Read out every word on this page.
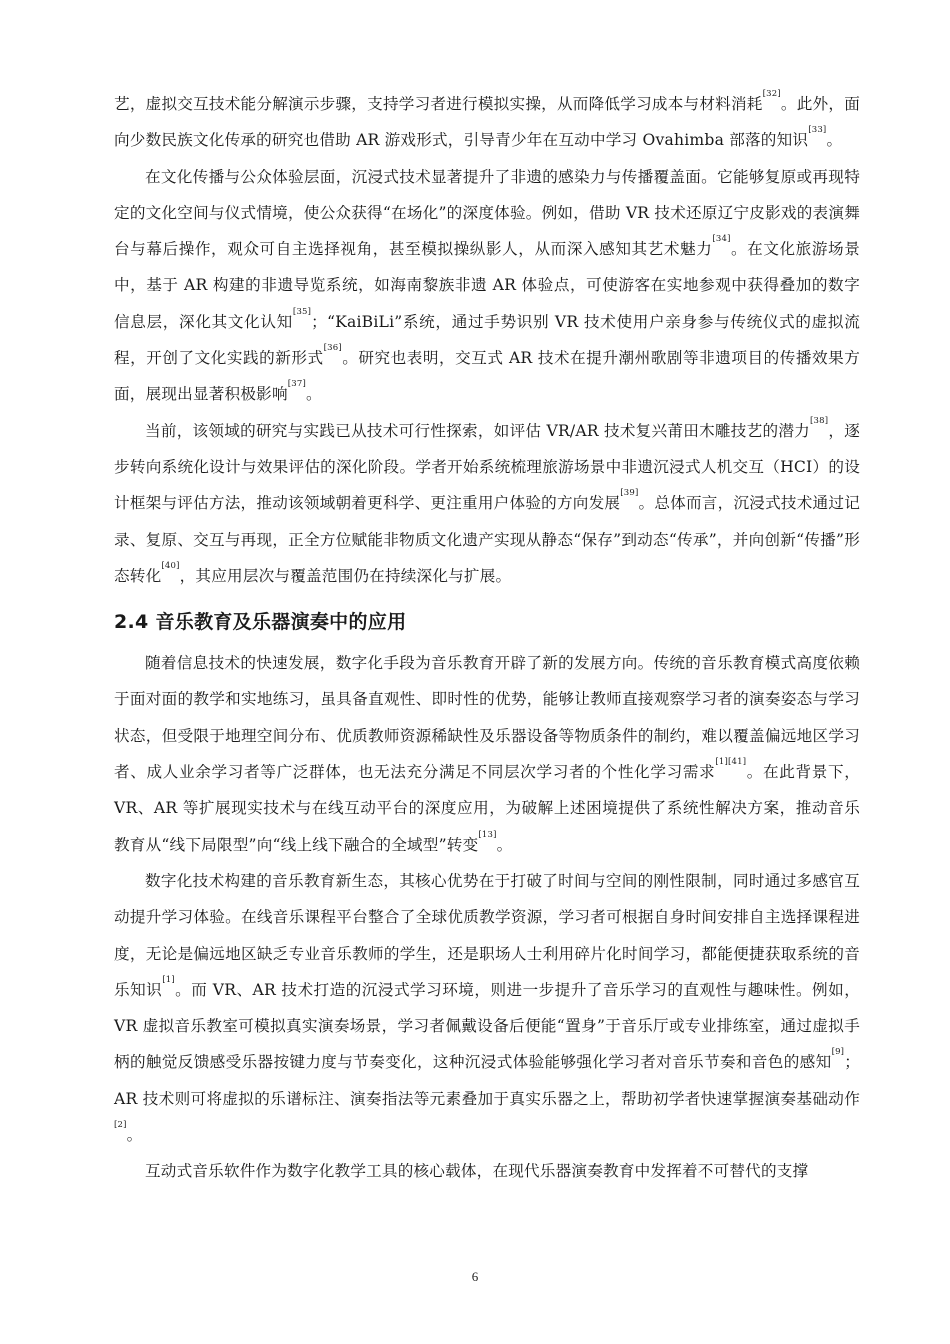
艺，虚拟交互技术能分解演示步骤，支持学习者进行模拟实操，从而降低学习成本与材料消耗[32]。此外，面向少数民族文化传承的研究也借助 AR 游戏形式，引导青少年在互动中学习 Ovahimba 部落的知识[33]。

在文化传播与公众体验层面，沉浸式技术显著提升了非遗的感染力与传播覆盖面。它能够复原或再现特定的文化空间与仪式情境，使公众获得“在场化”的深度体验。例如，借助 VR 技术还原辽宁皮影戏的表演舞台与幕后操作，观众可自主选择视角，甚至模拟操纵影人，从而深入感知其艺术魅力[34]。在文化旅游场景中，基于 AR 构建的非遗导览系统，如海南黎族非遗 AR 体验点，可使游客在实地参观中获得叠加的数字信息层，深化其文化认知[35]；“KaiBiLi”系统，通过手势识别 VR 技术使用户亲身参与传统仪式的虚拟流程，开创了文化实践的新形式[36]。研究也表明，交互式 AR 技术在提升潮州歌剧等非遗项目的传播效果方面，展现出显著积极影响[37]。

当前，该领域的研究与实践已从技术可行性探索，如评估 VR/AR 技术复兴莆田木雕技艺的潜力[38]，逐步转向系统化设计与效果评估的深化阶段。学者开始系统梳理旅游场景中非遗沉浸式人机交互（HCI）的设计框架与评估方法，推动该领域朝着更科学、更注重用户体验的方向发展[39]。总体而言，沉浸式技术通过记录、复原、交互与再现，正全方位赋能非物质文化遗产实现从静态“保存”到动态“传承”，并向创新“传播”形态转化[40]，其应用层次与覆盖范围仍在持续深化与扩展。

2.4 音乐教育及乐器演奏中的应用

随着信息技术的快速发展，数字化手段为音乐教育开辟了新的发展方向。传统的音乐教育模式高度依赖于面对面的教学和实地练习，虽具备直观性、即时性的优势，能够让教师直接观察学习者的演奏姿态与学习状态，但受限于地理空间分布、优质教师资源稀缺性及乐器设备等物质条件的制约，难以覆盖偏远地区学习者、成人业余学习者等广泛群体，也无法充分满足不同层次学习者的个性化学习需求[1][41]。在此背景下，VR、AR 等扩展现实技术与在线互动平台的深度应用，为破解上述困境提供了系统性解决方案，推动音乐教育从“线下局限型”向“线上线下融合的全域型”转变[13]。

数字化技术构建的音乐教育新生态，其核心优势在于打破了时间与空间的刚性限制，同时通过多感官互动提升学习体验。在线音乐课程平台整合了全球优质教学资源，学习者可根据自身时间安排自主选择课程进度，无论是偏远地区缺乏专业音乐教师的学生，还是职场人士利用碎片化时间学习，都能便捷获取系统的音乐知识[1]。而 VR、AR 技术打造的沉浸式学习环境，则进一步提升了音乐学习的直观性与趣味性。例如，VR 虚拟音乐教室可模拟真实演奏场景，学习者佩戴设备后便能“置身”于音乐厅或专业排练室，通过虚拟手柄的触觉反馈感受乐器按键力度与节奏变化，这种沉浸式体验能够强化学习者对音乐节奏和音色的感知[9]；AR 技术则可将虚拟的乐谱标注、演奏指法等元素叠加于真实乐器之上，帮助初学者快速掌握演奏基础动作[2]。

互动式音乐软件作为数字化教学工具的核心载体，在现代乐器演奏教育中发挥着不可替代的支撑

6
